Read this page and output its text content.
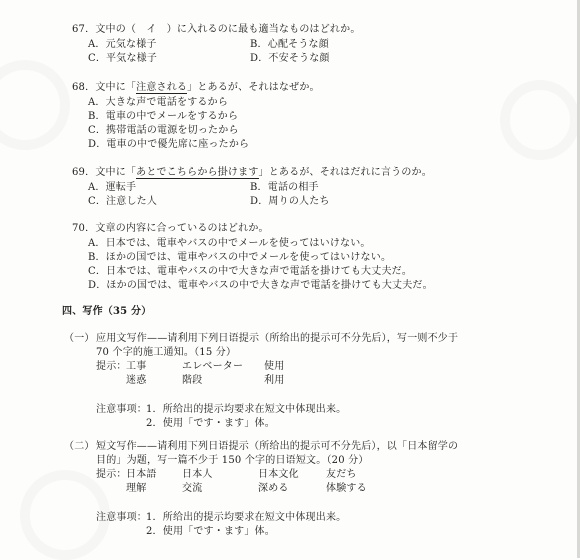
67．文中の（　イ　）に入れるのに最も適当なものはどれか。
A．元気な様子	B．心配そうな顔
C．平気な様子	D．不安そうな顔
68．文中に「注意される」とあるが、それはなぜか。
A．大きな声で電話をするから
B．電車の中でメールをするから
C．携帯電話の電源を切ったから
D．電車の中で優先席に座ったから
69．文中に「あとでこちらから掛けます」とあるが、それはだれに言うのか。
A．運転手	B．電話の相手
C．注意した人	D．周りの人たち
70．文章の内容に合っているのはどれか。
A．日本では、電車やバスの中でメールを使ってはいけない。
B．ほかの国では、電車やバスの中でメールを使ってはいけない。
C．日本では、電車やバスの中で大きな声で電話を掛けても大丈夫だ。
D．ほかの国では、電車やバスの中で大きな声で電話を掛けても大丈夫だ。
四、写作（35 分）
（一） 应用文写作——请利用下列日语提示（所给出的提示可不分先后），写一则不少于
70 个字的施工通知。（15 分）
提示： 工事	エレベーター 使用
迷惑	階段	利用
注意事项： 1．所给出的提示均要求在短文中体现出来。
2．使用「です・ます」体。
（二） 短文写作——请利用下列日语提示（所给出的提示可不分先后），以「日本留学の
目的」为题，写一篇不少于 150 个字的日语短文。（20 分）
提示： 日本語	日本人	日本文化	友だち
理解	交流	深める	体験する
注意事项： 1．所给出的提示均要求在短文中体现出来。
2．使用「です・ます」体。
